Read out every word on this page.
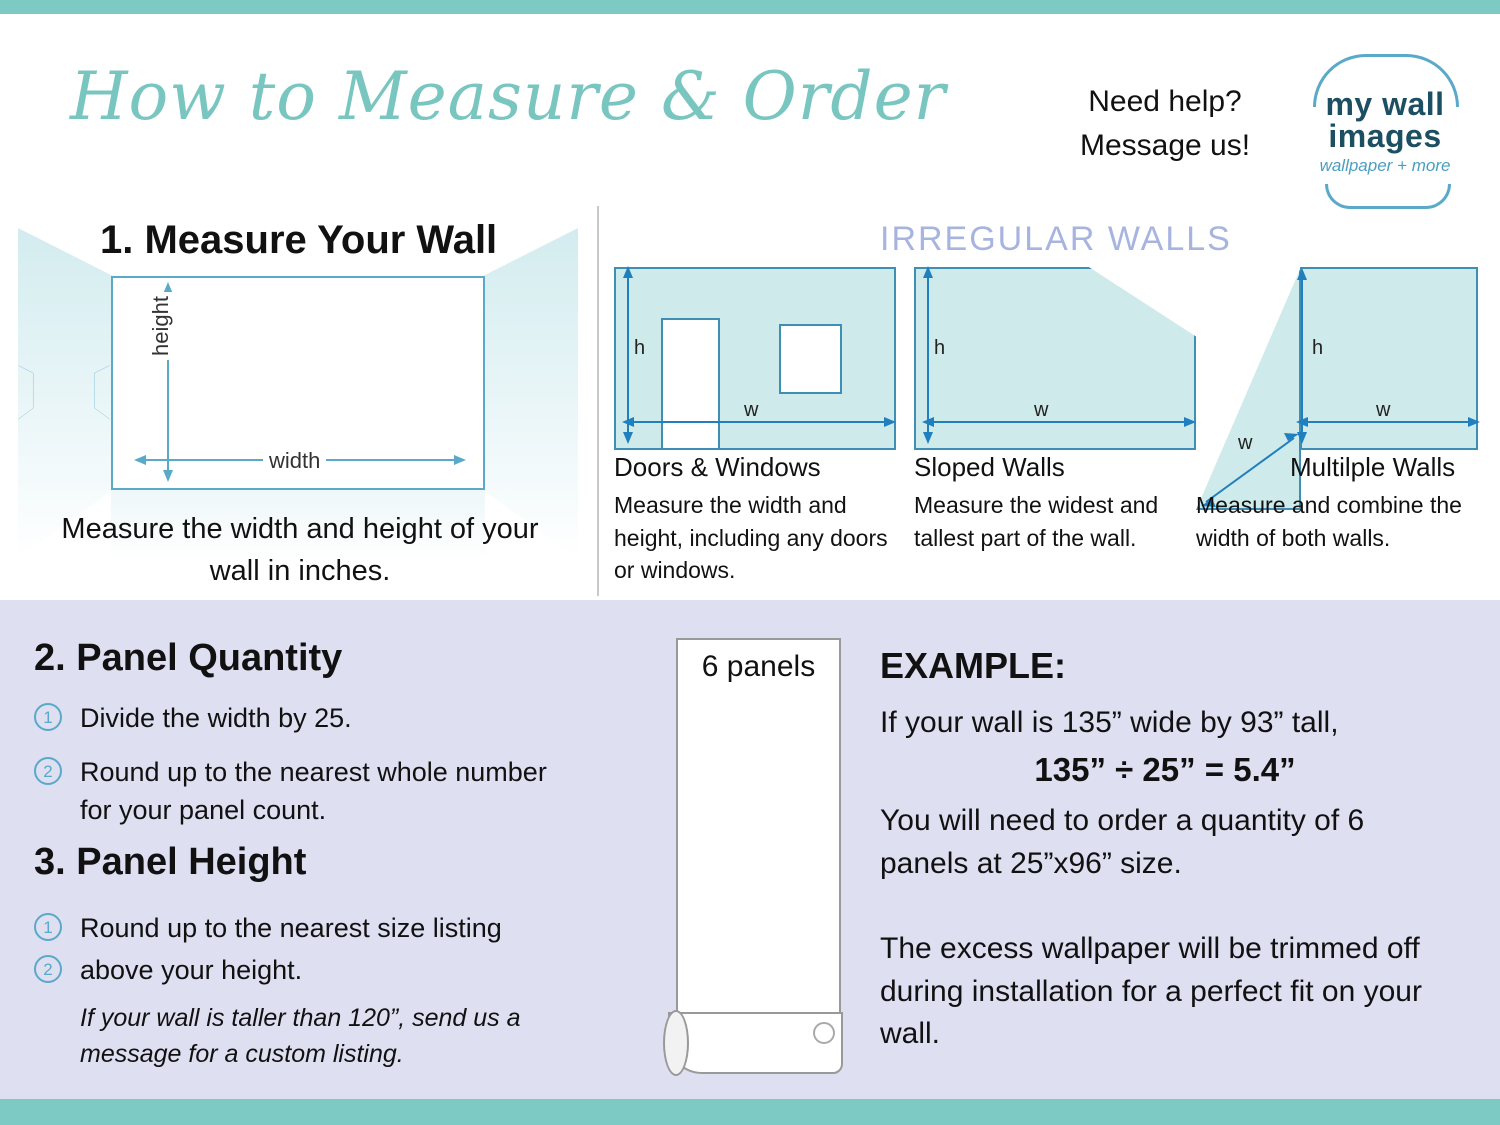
How to Measure & Order	Need help?
Message us!
my wall
images
wallpaper + more
1. Measure Your Wall
height
width
Measure the width and height of your wall in inches.
IRREGULAR WALLS
h
w
Doors & Windows
Measure the width and height, including any doors or windows.
h
w
Sloped Walls
Measure the widest and tallest part of the wall.
h
w
w
Multilple Walls
Measure and combine the width of both walls.
2. Panel Quantity
1	Divide the width by 25.
2	Round up to the nearest whole number for your panel count.
3. Panel Height
1	Round up to the nearest size listing
2	above your height.
If your wall is taller than 120”, send us a message for a custom listing.
6 panels	EXAMPLE:
If your wall is 135” wide by 93” tall,
135” ÷ 25” = 5.4”
You will need to order a quantity of 6 panels at 25”x96” size.
The excess wallpaper will be trimmed off during installation for a perfect fit on your wall.
